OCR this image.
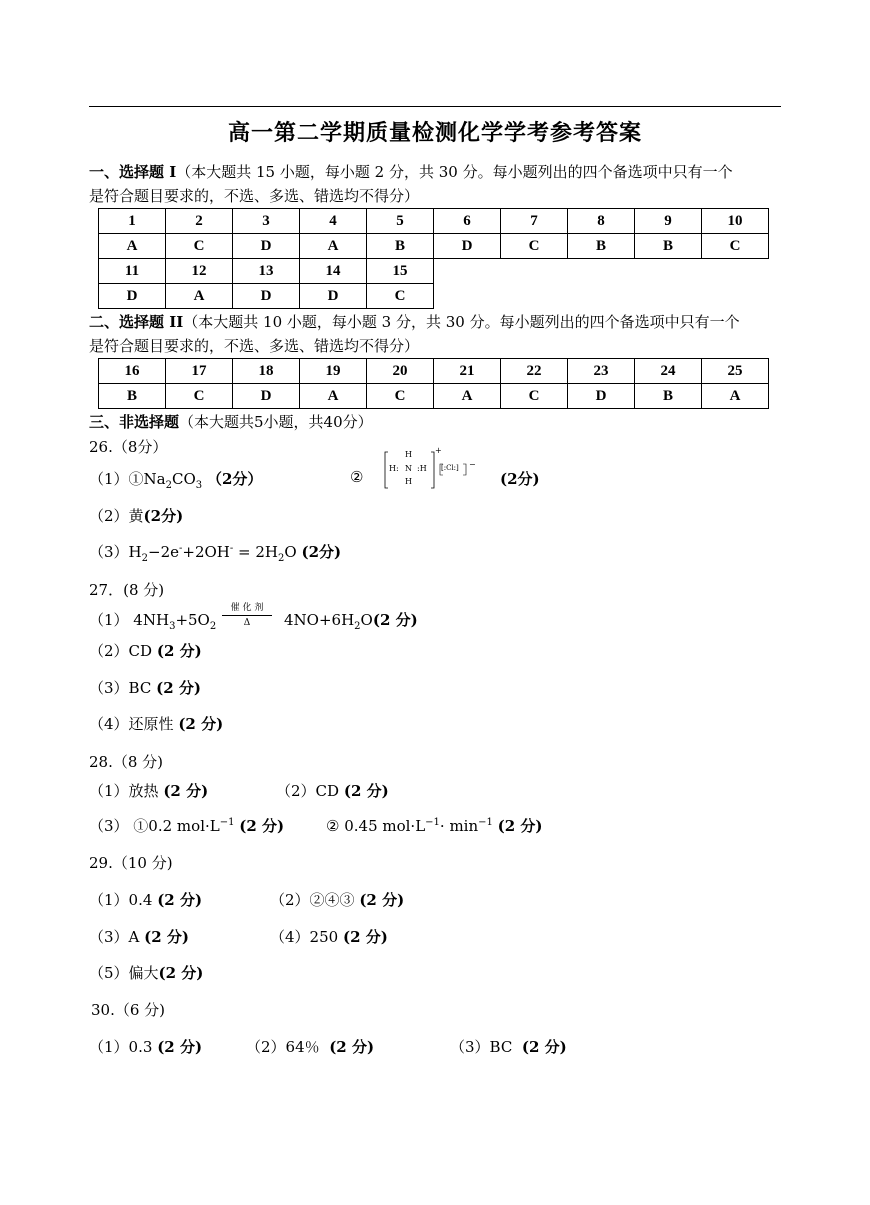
高一第二学期质量检测化学学考参考答案
一、选择题 I（本大题共 15 小题，每小题 2 分，共 30 分。每小题列出的四个备选项中只有一个
是符合题目要求的，不选、多选、错选均不得分）
1	2	3	4	5	6	7	8	9	10
A	C	D	A	B	D	C	B	B	C
11	12	13	14	15
D	A	D	D	C
二、选择题 II（本大题共 10 小题，每小题 3 分，共 30 分。每小题列出的四个备选项中只有一个
是符合题目要求的，不选、多选、错选均不得分）
16	17	18	19	20	21	22	23	24	25
B	C	D	A	C	A	C	D	B	A
三、非选择题（本大题共5小题，共40分）
26.（8分）
$(1)①Na_2CO_3$ （2分）	②
H
H: N :H
H
+
[:Cl:] −
(2分)
（2）黄(2分)
$(3)H_2-2e^-+2OH^- = 2H_2O$ (2分)
27．(8 分)
（1） $4NH_3+5O_2$
催 化 剂
Δ	$4NO+6H_2O(2$ 分)
（2）CD (2 分)
（3）BC (2 分)
（4）还原性 (2 分)
28.（8 分)
（1）放热 (2 分)	（2）CD (2 分)
（3） ①0.2 $mol\cdot L^{-1}$ (2 分)	② 0.45 $mol\cdot L^{-1}\cdot \min^{-1} (2$ 分)
29.（10 分)
（1）0.4 (2 分)	（2）②④③ (2 分)
（3）A (2 分)	（4）250 (2 分)
（5）偏大(2 分)
30.（6 分)
（1）0.3 (2 分)	（2）64％ (2 分)	（3）BC (2 分)
